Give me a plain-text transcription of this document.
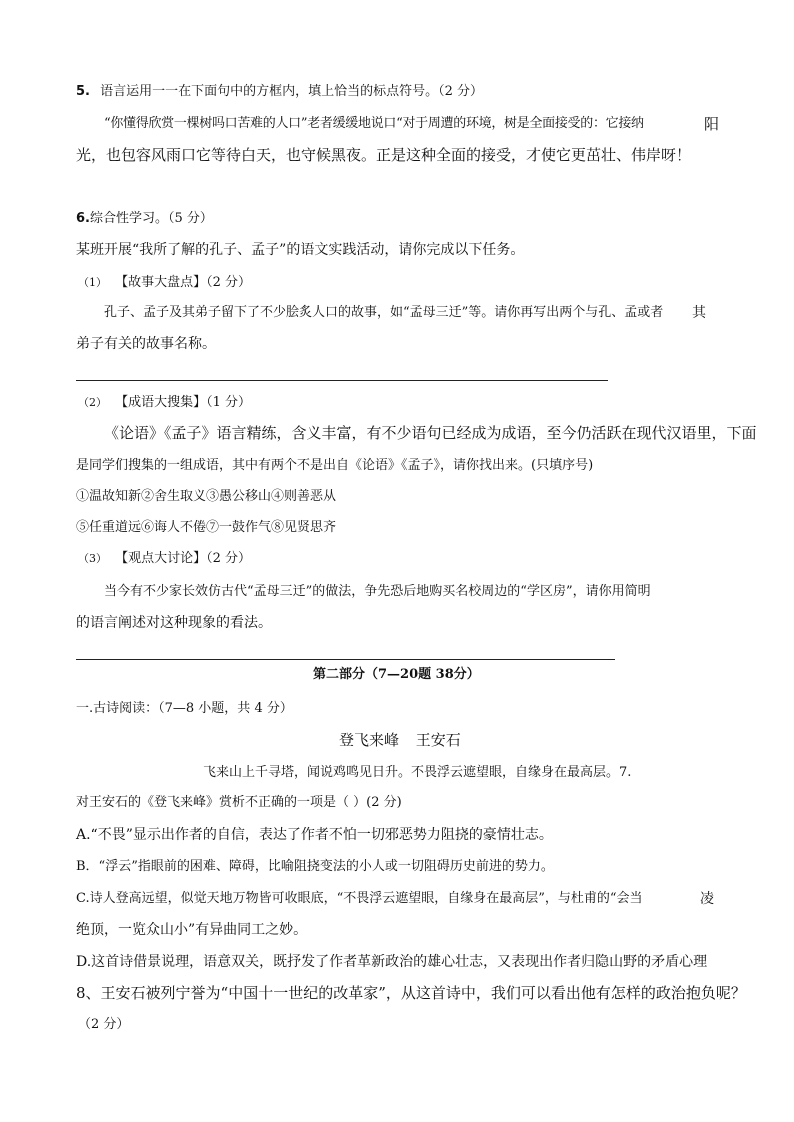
5. 语言运用一一在下面句中的方框内，填上恰当的标点符号。（2 分）
“你懂得欣赏一棵树吗口苦难的人口”老者缓缓地说口“对于周遭的环境，树是全面接受的：它接纳	阳
光，也包容风雨口它等待白天，也守候黑夜。正是这种全面的接受，才使它更茁壮、伟岸呀！
6.综合性学习。（5 分）
某班开展“我所了解的孔子、孟子”的语文实践活动，请你完成以下任务。
（1） 【故事大盘点】（2 分）
孔子、孟子及其弟子留下了不少脍炙人口的故事，如“孟母三迁”等。请你再写出两个与孔、孟或者 其
弟子有关的故事名称。
（2） 【成语大搜集】（1 分）
《论语》《孟子》语言精练，含义丰富，有不少语句已经成为成语，至今仍活跃在现代汉语里，下面
是同学们搜集的一组成语，其中有两个不是出自《论语》《孟子》，请你找出来。(只填序号)
①温故知新②舍生取义③愚公移山④则善恶从
⑤任重道远⑥诲人不倦⑦一鼓作气⑧见贤思齐
（3） 【观点大讨论】（2 分）
当今有不少家长效仿古代“孟母三迁”的做法，争先恐后地购买名校周边的“学区房”，请你用简明
的语言阐述对这种现象的看法。
第二部分（7—20题 38分）
一.古诗阅读：（7—8 小题，共 4 分）
登飞来峰 王安石
飞来山上千寻塔，闻说鸡鸣见日升。不畏浮云遮望眼，自缘身在最高层。7.
对王安石的《登飞来峰》赏析不正确的一项是（ ）(2 分)
A.“不畏”显示出作者的自信，表达了作者不怕一切邪恶势力阻挠的豪情壮志。
B．“浮云”指眼前的困难、障碍，比喻阻挠变法的小人或一切阻碍历史前进的势力。
C.诗人登高远望，似觉天地万物皆可收眼底，“不畏浮云遮望眼，自缘身在最高层”，与杜甫的“会当	凌
绝顶，一览众山小”有异曲同工之妙。
D.这首诗借景说理，语意双关，既抒发了作者革新政治的雄心壮志，又表现出作者归隐山野的矛盾心理
8、王安石被列宁誉为“中国十一世纪的改革家”，从这首诗中，我们可以看出他有怎样的政治抱负呢？
（2 分）
